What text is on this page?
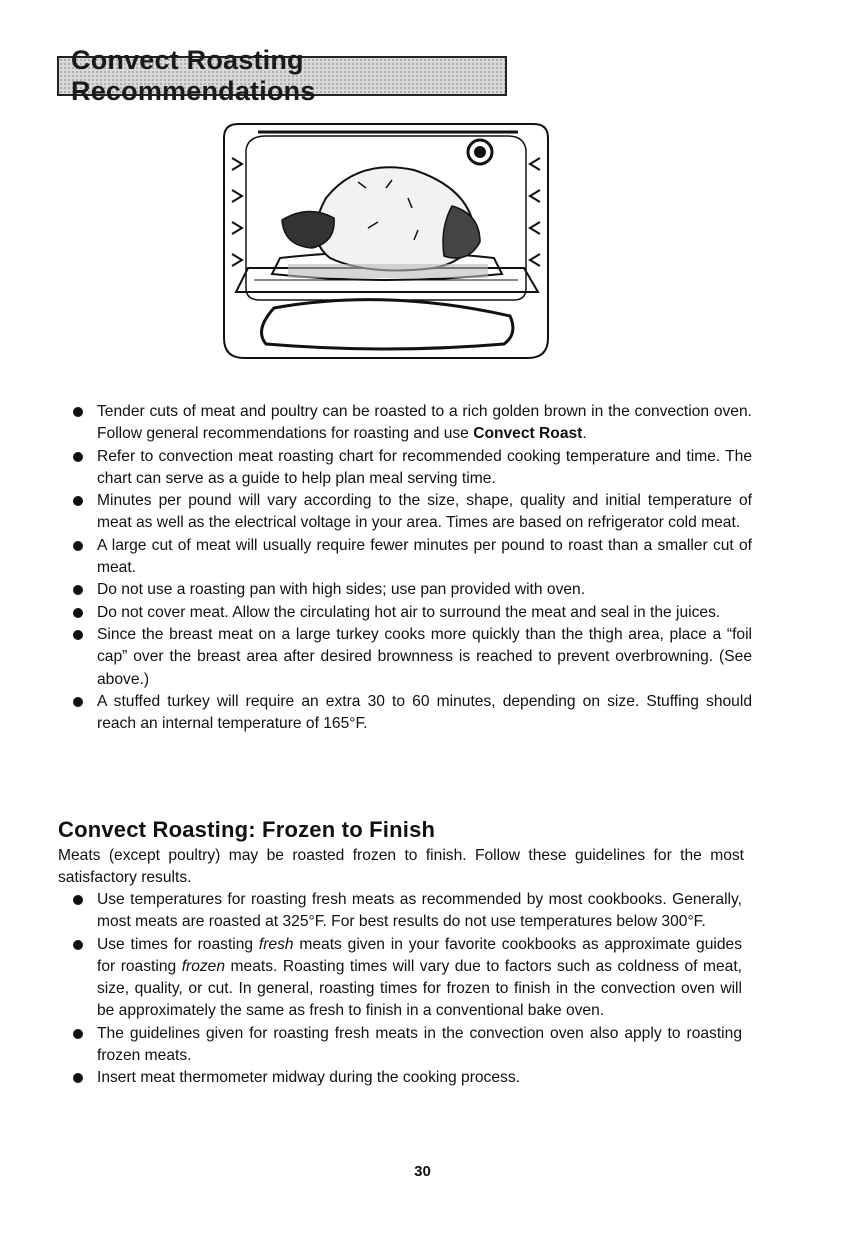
Convect Roasting Recommendations
Tender cuts of meat and poultry can be roasted to a rich golden brown in the convection oven. Follow general recommendations for roasting and use Convect Roast.
Refer to convection meat roasting chart for recommended cooking temperature and time. The chart can serve as a guide to help plan meal serving time.
Minutes per pound will vary according to the size, shape, quality and initial temperature of meat as well as the electrical voltage in your area. Times are based on refrigerator cold meat.
A large cut of meat will usually require fewer minutes per pound to roast than a smaller cut of meat.
Do not use a roasting pan with high sides; use pan provided with oven.
Do not cover meat. Allow the circulating hot air to surround the meat and seal in the juices.
Since the breast meat on a large turkey cooks more quickly than the thigh area, place a “foil cap” over the breast area after desired brownness is reached to prevent overbrowning. (See above.)
A stuffed turkey will require an extra 30 to 60 minutes, depending on size. Stuffing should reach an internal temperature of 165°F.
Convect Roasting: Frozen to Finish

Meats (except poultry) may be roasted frozen to finish. Follow these guidelines for the most satisfactory results.

Use temperatures for roasting fresh meats as recommended by most cookbooks. Generally, most meats are roasted at 325°F. For best results do not use temperatures below 300°F.
Use times for roasting fresh meats given in your favorite cookbooks as approximate guides for roasting frozen meats. Roasting times will vary due to factors such as coldness of meat, size, quality, or cut. In general, roasting times for frozen to finish in the convection oven will be approximately the same as fresh to finish in a conventional bake oven.
The guidelines given for roasting fresh meats in the convection oven also apply to roasting frozen meats.
Insert meat thermometer midway during the cooking process.
30
